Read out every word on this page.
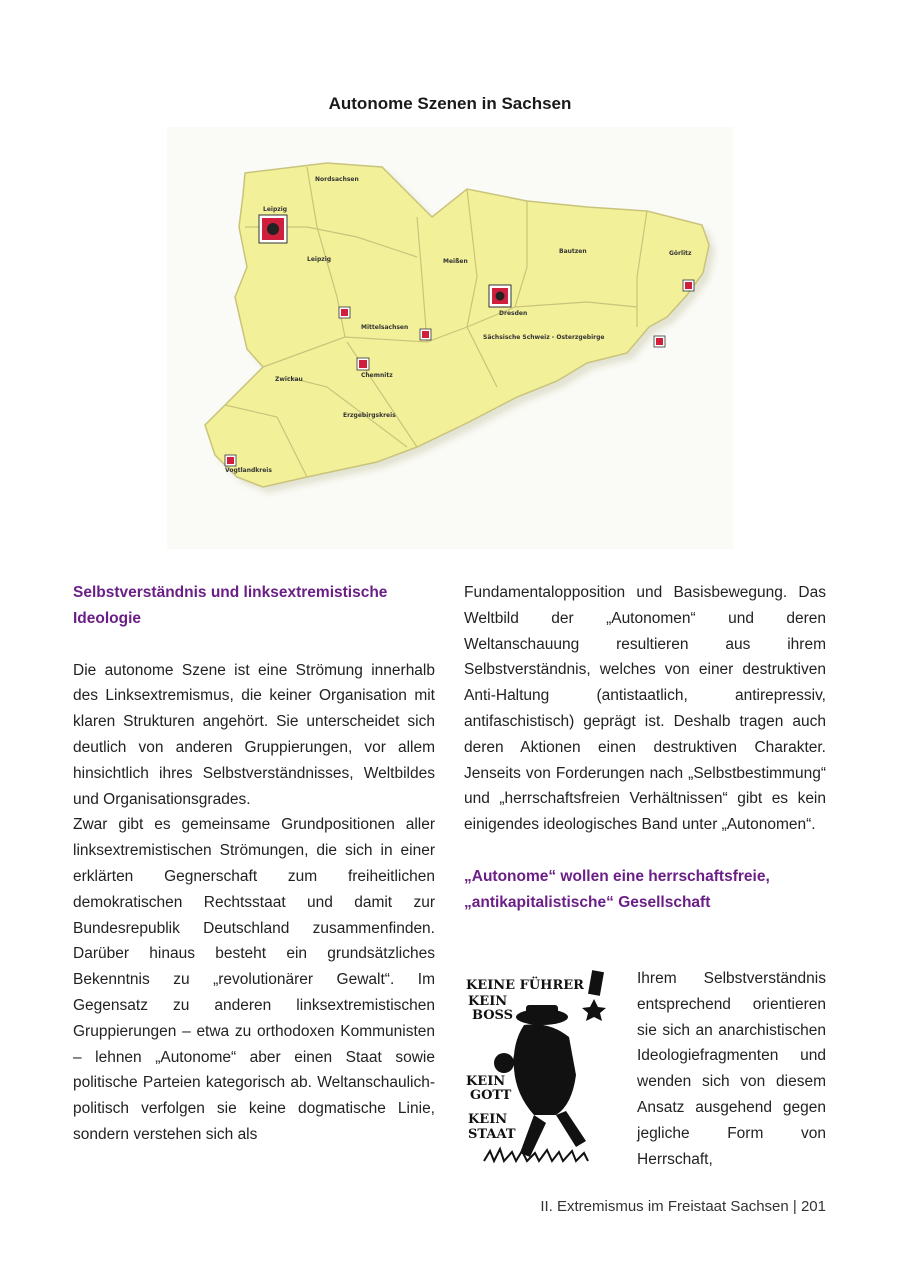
Autonome Szenen in Sachsen
Nordsachsen
Leipzig
Leipzig	Meißen
Bautzen	Görlitz
Mittelsachsen
Dresden
Sächsische Schweiz - Osterzgebirge
Zwickau
Chemnitz
Erzgebirgskreis
Vogtlandkreis

Selbstverständnis und linksextremistische Ideologie

Die autonome Szene ist eine Strömung innerhalb des Linksextremismus, die keiner Organisation mit klaren Strukturen angehört. Sie unterscheidet sich deutlich von anderen Gruppierungen, vor allem hinsichtlich ihres Selbstverständnisses, Weltbildes und Organisationsgrades.

Zwar gibt es gemeinsame Grundpositionen aller linksextremistischen Strömungen, die sich in einer erklärten Gegnerschaft zum freiheitlichen demokratischen Rechtsstaat und damit zur Bundesrepublik Deutschland zusammenfinden. Darüber hinaus besteht ein grundsätzliches Bekenntnis zu „revolutionärer Gewalt“. Im Gegensatz zu anderen linksextremistischen Gruppierungen – etwa zu orthodoxen Kommunisten – lehnen „Autonome“ aber einen Staat sowie politische Parteien kategorisch ab. Weltanschaulich-politisch verfolgen sie keine dogmatische Linie, sondern verstehen sich als

Fundamentalopposition und Basisbewegung. Das Weltbild der „Autonomen“ und deren Weltanschauung resultieren aus ihrem Selbstverständnis, welches von einer destruktiven Anti-Haltung (antistaatlich, antirepressiv, antifaschistisch) geprägt ist. Deshalb tragen auch deren Aktionen einen destruktiven Charakter. Jenseits von Forderungen nach „Selbstbestimmung“ und „herrschaftsfreien Verhältnissen“ gibt es kein einigendes ideologisches Band unter „Autonomen“.

„Autonome“ wollen eine herrschaftsfreie, „antikapitalistische“ Gesellschaft

KEINE FÜHRER
KEIN
BOSS
KEIN
GOTT
KEIN
STAAT
Ihrem Selbstverständnis entsprechend orientieren sie sich an anarchistischen Ideologiefragmenten und wenden sich von diesem Ansatz ausgehend gegen jegliche Form von Herrschaft,
II. Extremismus im Freistaat Sachsen | 201
